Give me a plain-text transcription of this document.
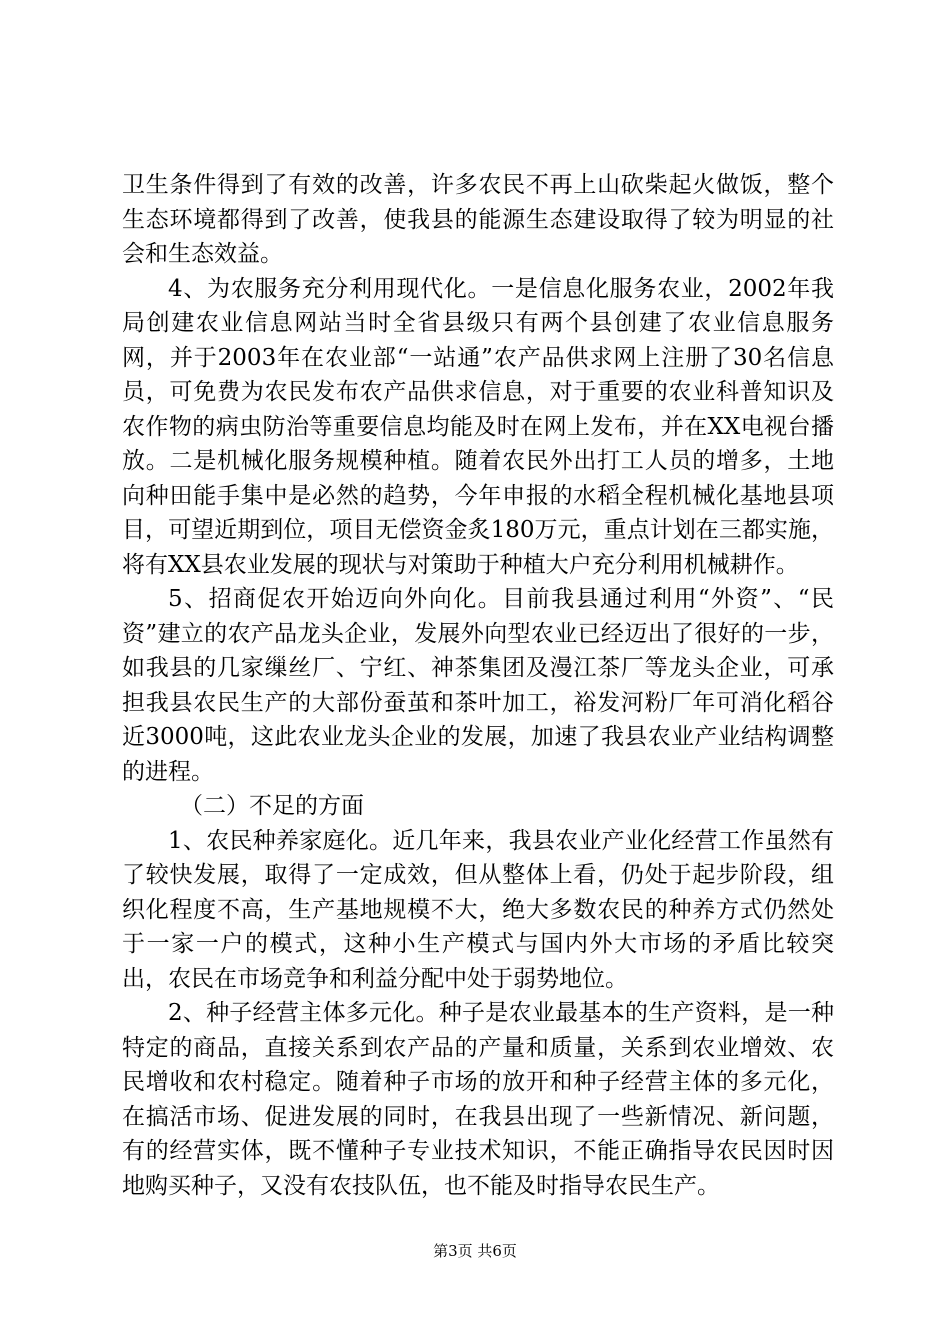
卫生条件得到了有效的改善，许多农民不再上山砍柴起火做饭，整个生态环境都得到了改善，使我县的能源生态建设取得了较为明显的社会和生态效益。

4、为农服务充分利用现代化。一是信息化服务农业，2002年我局创建农业信息网站当时全省县级只有两个县创建了农业信息服务网，并于2003年在农业部“一站通”农产品供求网上注册了30名信息员，可免费为农民发布农产品供求信息，对于重要的农业科普知识及农作物的病虫防治等重要信息均能及时在网上发布，并在XX电视台播放。二是机械化服务规模种植。随着农民外出打工人员的增多，土地向种田能手集中是必然的趋势，今年申报的水稻全程机械化基地县项目，可望近期到位，项目无偿资金炙180万元，重点计划在三都实施，将有XX县农业发展的现状与对策助于种植大户充分利用机械耕作。

5、招商促农开始迈向外向化。目前我县通过利用“外资”、“民资”建立的农产品龙头企业，发展外向型农业已经迈出了很好的一步，如我县的几家缫丝厂、宁红、神茶集团及漫江茶厂等龙头企业，可承担我县农民生产的大部份蚕茧和茶叶加工，裕发河粉厂年可消化稻谷近3000吨，这此农业龙头企业的发展，加速了我县农业产业结构调整的进程。

（二）不足的方面

1、农民种养家庭化。近几年来，我县农业产业化经营工作虽然有了较快发展，取得了一定成效，但从整体上看，仍处于起步阶段，组织化程度不高，生产基地规模不大，绝大多数农民的种养方式仍然处于一家一户的模式，这种小生产模式与国内外大市场的矛盾比较突出，农民在市场竞争和利益分配中处于弱势地位。

2、种子经营主体多元化。种子是农业最基本的生产资料，是一种特定的商品，直接关系到农产品的产量和质量，关系到农业增效、农民增收和农村稳定。随着种子市场的放开和种子经营主体的多元化，在搞活市场、促进发展的同时，在我县出现了一些新情况、新问题，有的经营实体，既不懂种子专业技术知识，不能正确指导农民因时因地购买种子，又没有农技队伍，也不能及时指导农民生产。

第3页 共6页
